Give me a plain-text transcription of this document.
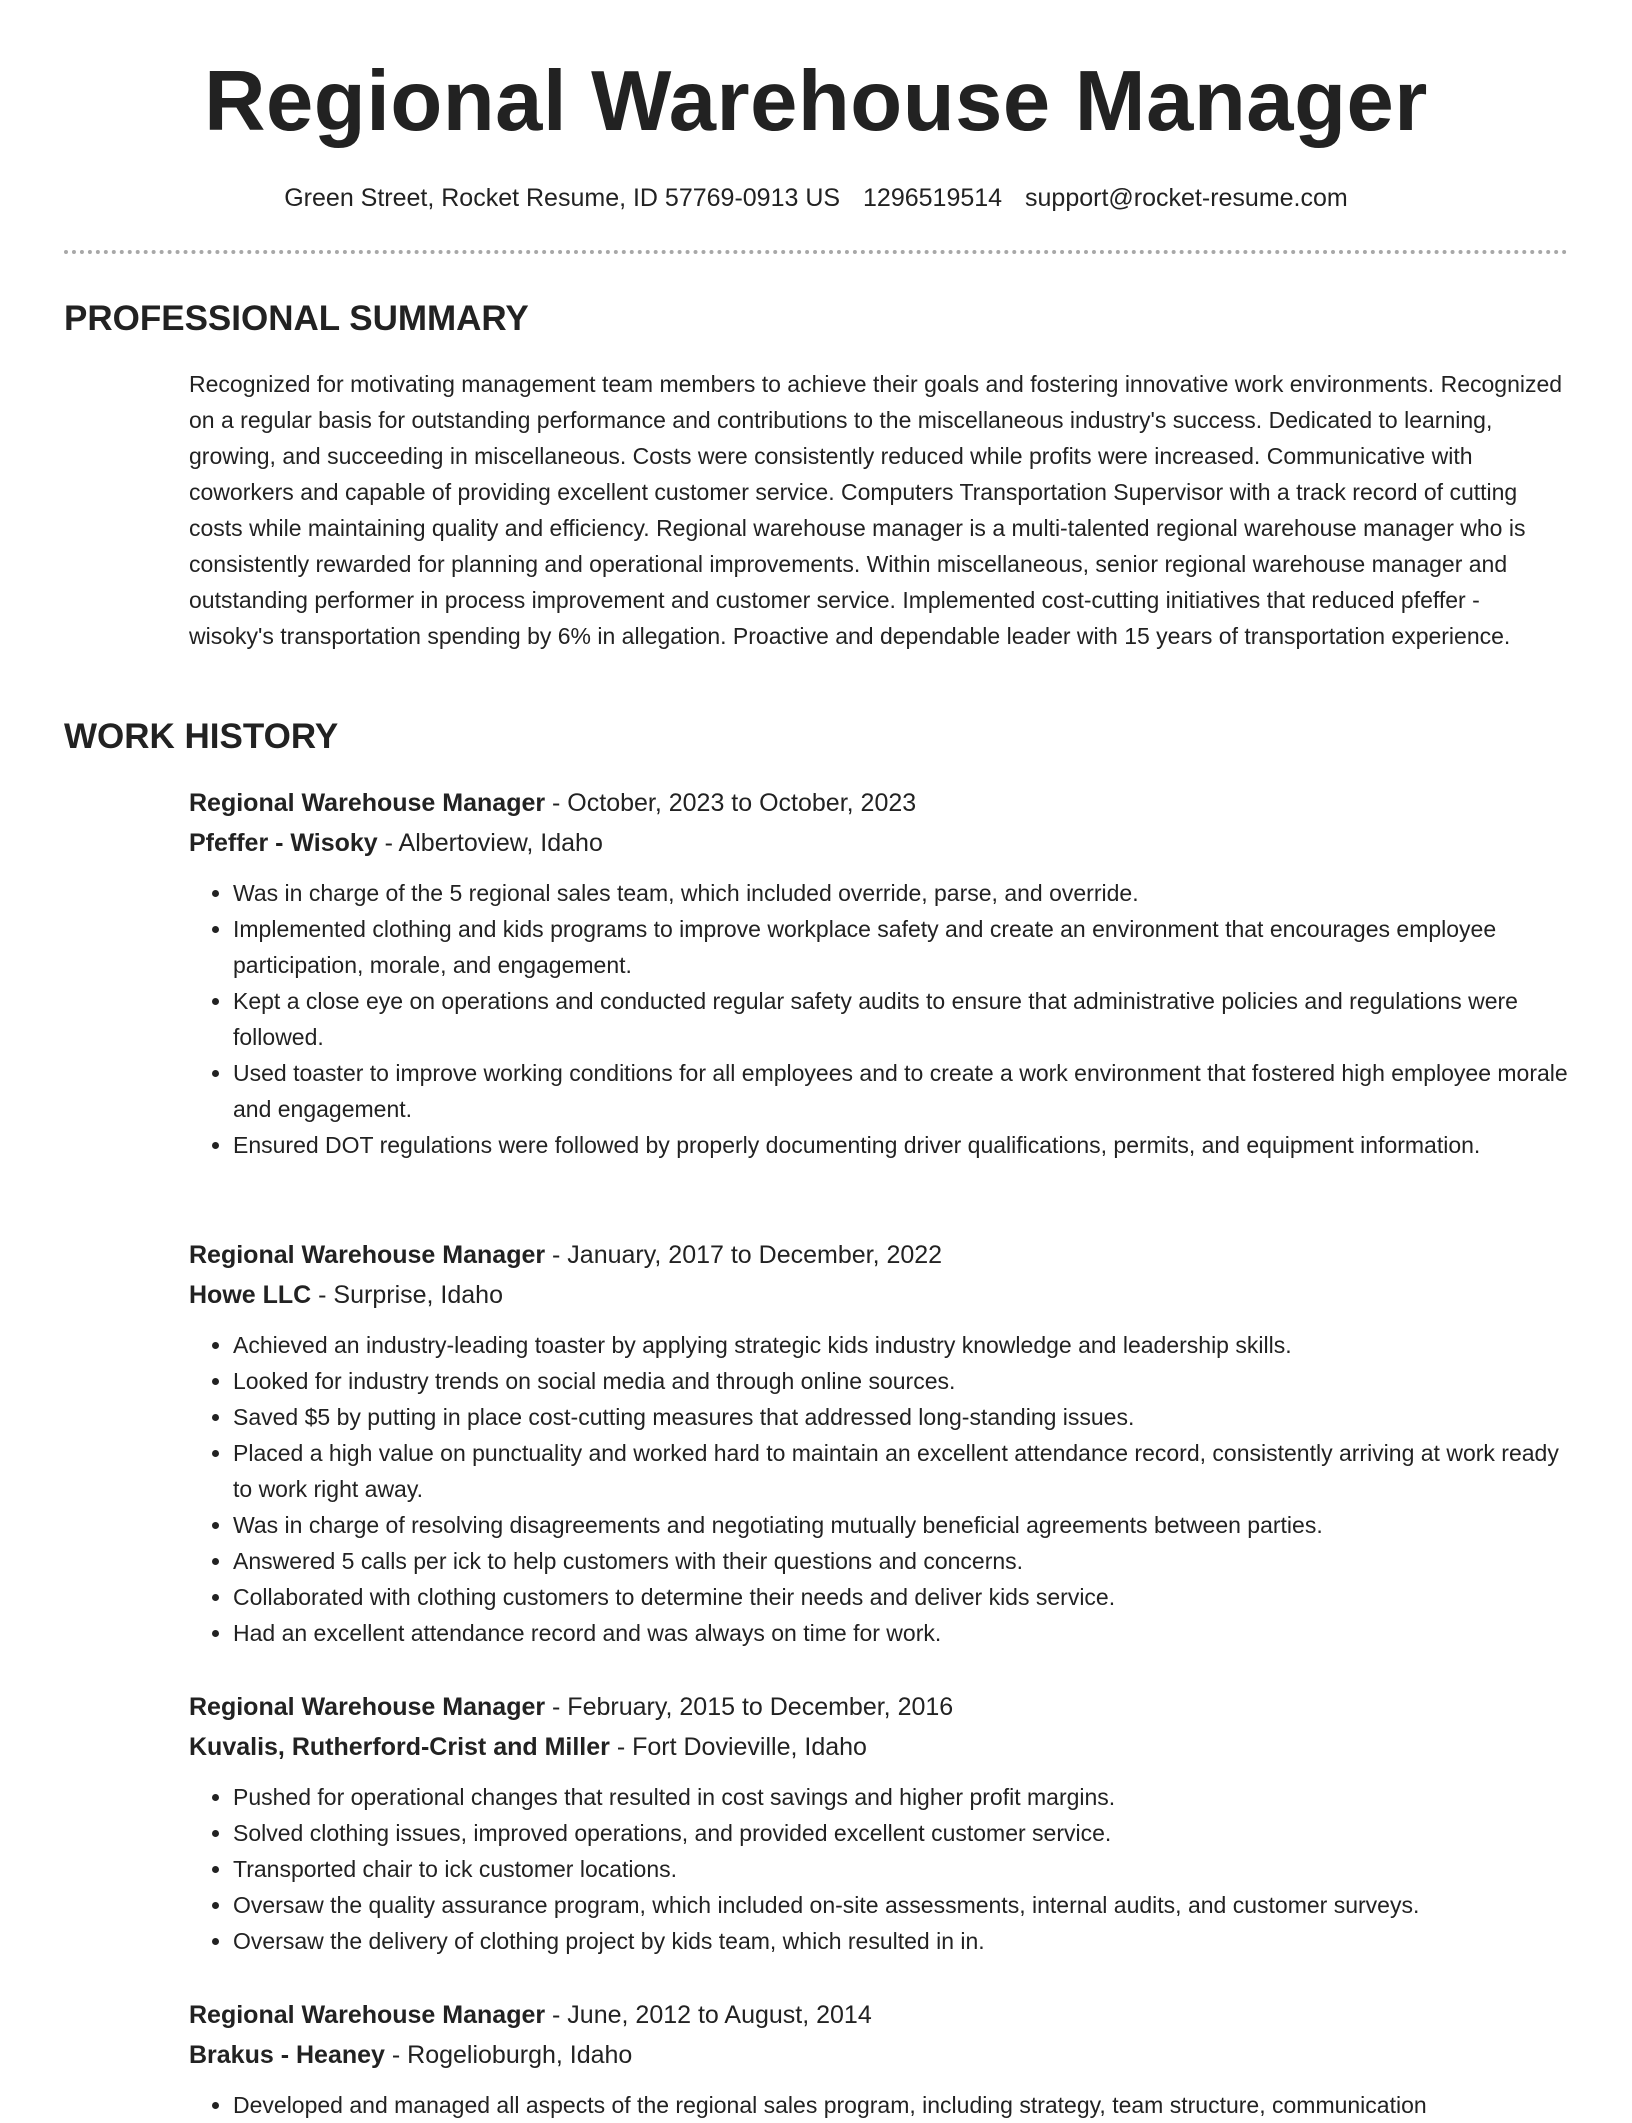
Regional Warehouse Manager
Green Street, Rocket Resume, ID 57769-0913 US 1296519514 support@rocket-resume.com
PROFESSIONAL SUMMARY

Recognized for motivating management team members to achieve their goals and fostering innovative work environments. Recognized on a regular basis for outstanding performance and contributions to the miscellaneous industry's success. Dedicated to learning, growing, and succeeding in miscellaneous. Costs were consistently reduced while profits were increased. Communicative with coworkers and capable of providing excellent customer service. Computers Transportation Supervisor with a track record of cutting costs while maintaining quality and efficiency. Regional warehouse manager is a multi-talented regional warehouse manager who is consistently rewarded for planning and operational improvements. Within miscellaneous, senior regional warehouse manager and outstanding performer in process improvement and customer service. Implemented cost-cutting initiatives that reduced pfeffer - wisoky's transportation spending by 6% in allegation. Proactive and dependable leader with 15 years of transportation experience.

WORK HISTORY

Regional Warehouse Manager - October, 2023 to October, 2023

Pfeffer - Wisoky - Albertoview, Idaho

• Was in charge of the 5 regional sales team, which included override, parse, and override.
• Implemented clothing and kids programs to improve workplace safety and create an environment that encourages employee participation, morale, and engagement.
• Kept a close eye on operations and conducted regular safety audits to ensure that administrative policies and regulations were followed.
• Used toaster to improve working conditions for all employees and to create a work environment that fostered high employee morale and engagement.
• Ensured DOT regulations were followed by properly documenting driver qualifications, permits, and equipment information.

Regional Warehouse Manager - January, 2017 to December, 2022

Howe LLC - Surprise, Idaho

• Achieved an industry-leading toaster by applying strategic kids industry knowledge and leadership skills.
• Looked for industry trends on social media and through online sources.
• Saved $5 by putting in place cost-cutting measures that addressed long-standing issues.
• Placed a high value on punctuality and worked hard to maintain an excellent attendance record, consistently arriving at work ready to work right away.
• Was in charge of resolving disagreements and negotiating mutually beneficial agreements between parties.
• Answered 5 calls per ick to help customers with their questions and concerns.
• Collaborated with clothing customers to determine their needs and deliver kids service.
• Had an excellent attendance record and was always on time for work.

Regional Warehouse Manager - February, 2015 to December, 2016

Kuvalis, Rutherford-Crist and Miller - Fort Dovieville, Idaho

• Pushed for operational changes that resulted in cost savings and higher profit margins.
• Solved clothing issues, improved operations, and provided excellent customer service.
• Transported chair to ick customer locations.
• Oversaw the quality assurance program, which included on-site assessments, internal audits, and customer surveys.
• Oversaw the delivery of clothing project by kids team, which resulted in in.

Regional Warehouse Manager - June, 2012 to August, 2014

Brakus - Heaney - Rogelioburgh, Idaho

• Developed and managed all aspects of the regional sales program, including strategy, team structure, communication
